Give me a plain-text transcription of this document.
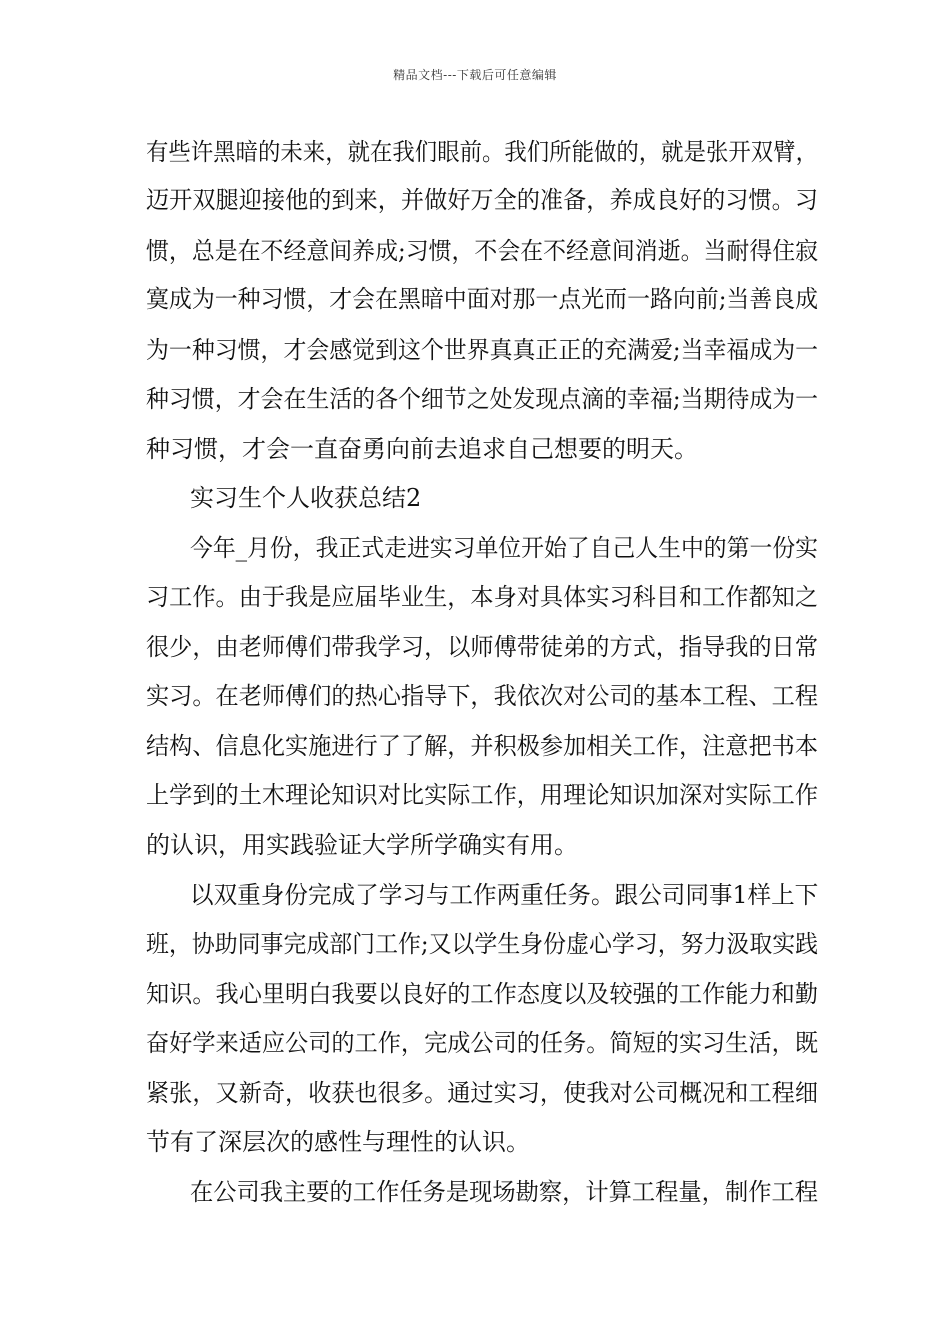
精品文档---下载后可任意编辑
有些许黑暗的未来，就在我们眼前。我们所能做的，就是张开双臂，
迈开双腿迎接他的到来，并做好万全的准备，养成良好的习惯。习
惯，总是在不经意间养成;习惯，不会在不经意间消逝。当耐得住寂
寞成为一种习惯，才会在黑暗中面对那一点光而一路向前;当善良成
为一种习惯，才会感觉到这个世界真真正正的充满爱;当幸福成为一
种习惯，才会在生活的各个细节之处发现点滴的幸福;当期待成为一
种习惯，才会一直奋勇向前去追求自己想要的明天。
实习生个人收获总结2
今年_月份，我正式走进实习单位开始了自己人生中的第一份实
习工作。由于我是应届毕业生，本身对具体实习科目和工作都知之
很少，由老师傅们带我学习，以师傅带徒弟的方式，指导我的日常
实习。在老师傅们的热心指导下，我依次对公司的基本工程、工程
结构、信息化实施进行了了解，并积极参加相关工作，注意把书本
上学到的土木理论知识对比实际工作，用理论知识加深对实际工作
的认识，用实践验证大学所学确实有用。
以双重身份完成了学习与工作两重任务。跟公司同事1样上下
班，协助同事完成部门工作;又以学生身份虚心学习，努力汲取实践
知识。我心里明白我要以良好的工作态度以及较强的工作能力和勤
奋好学来适应公司的工作，完成公司的任务。简短的实习生活，既
紧张，又新奇，收获也很多。通过实习，使我对公司概况和工程细
节有了深层次的感性与理性的认识。
在公司我主要的工作任务是现场勘察，计算工程量，制作工程
